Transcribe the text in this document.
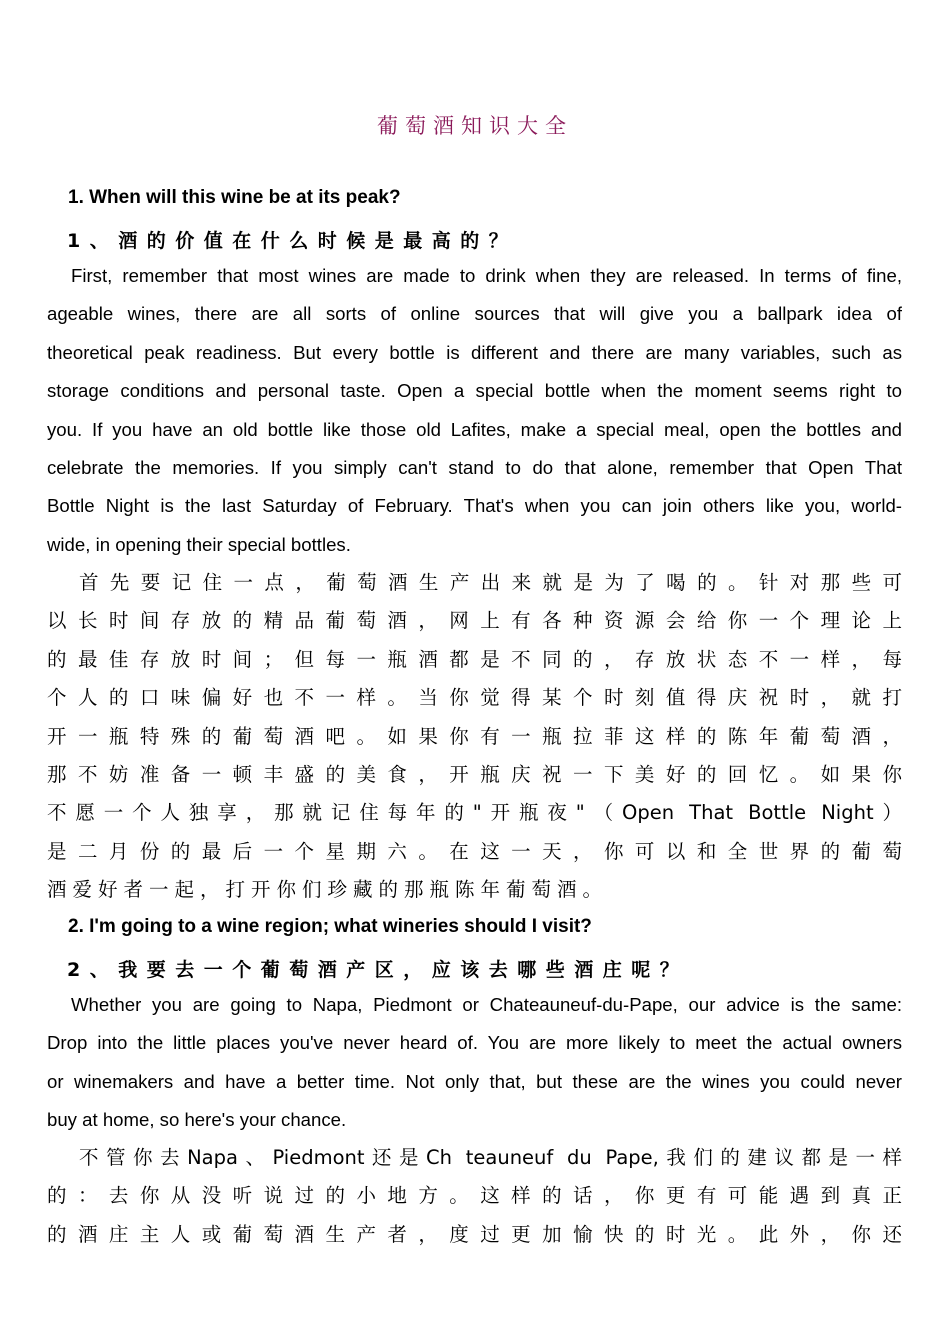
葡萄酒知识大全
1. When will this wine be at its peak?
1、酒的价值在什么时候是最高的？
First, remember that most wines are made to drink when they are released. In terms of fine,
ageable wines, there are all sorts of online sources that will give you a ballpark idea of
theoretical peak readiness. But every bottle is different and there are many variables, such as
storage conditions and personal taste. Open a special bottle when the moment seems right to
you. If you have an old bottle like those old Lafites, make a special meal, open the bottles and
celebrate the memories. If you simply can't stand to do that alone, remember that Open That
Bottle Night is the last Saturday of February. That's when you can join others like you, world-
wide, in opening their special bottles.
首先要记住一点，葡萄酒生产出来就是为了喝的。针对那些可
以长时间存放的精品葡萄酒，网上有各种资源会给你一个理论上
的最佳存放时间；但每一瓶酒都是不同的，存放状态不一样，每
个人的口味偏好也不一样。当你觉得某个时刻值得庆祝时，就打
开一瓶特殊的葡萄酒吧。如果你有一瓶拉菲这样的陈年葡萄酒，
那不妨准备一顿丰盛的美食，开瓶庆祝一下美好的回忆。如果你
不愿一个人独享，那就记住每年的"开瓶夜"（Open That Bottle Night）
是二月份的最后一个星期六。在这一天，你可以和全世界的葡萄
酒爱好者一起，打开你们珍藏的那瓶陈年葡萄酒。
2. I'm going to a wine region; what wineries should I visit?
2、我要去一个葡萄酒产区，应该去哪些酒庄呢？
Whether you are going to Napa, Piedmont or Chateauneuf-du-Pape, our advice is the same:
Drop into the little places you've never heard of. You are more likely to meet the actual owners
or winemakers and have a better time. Not only that, but these are the wines you could never
buy at home, so here's your chance.
不管你去Napa、Piedmont还是Ch teauneuf du Pape,我们的建议都是一样
的：去你从没听说过的小地方。这样的话，你更有可能遇到真正
的酒庄主人或葡萄酒生产者，度过更加愉快的时光。此外，你还
